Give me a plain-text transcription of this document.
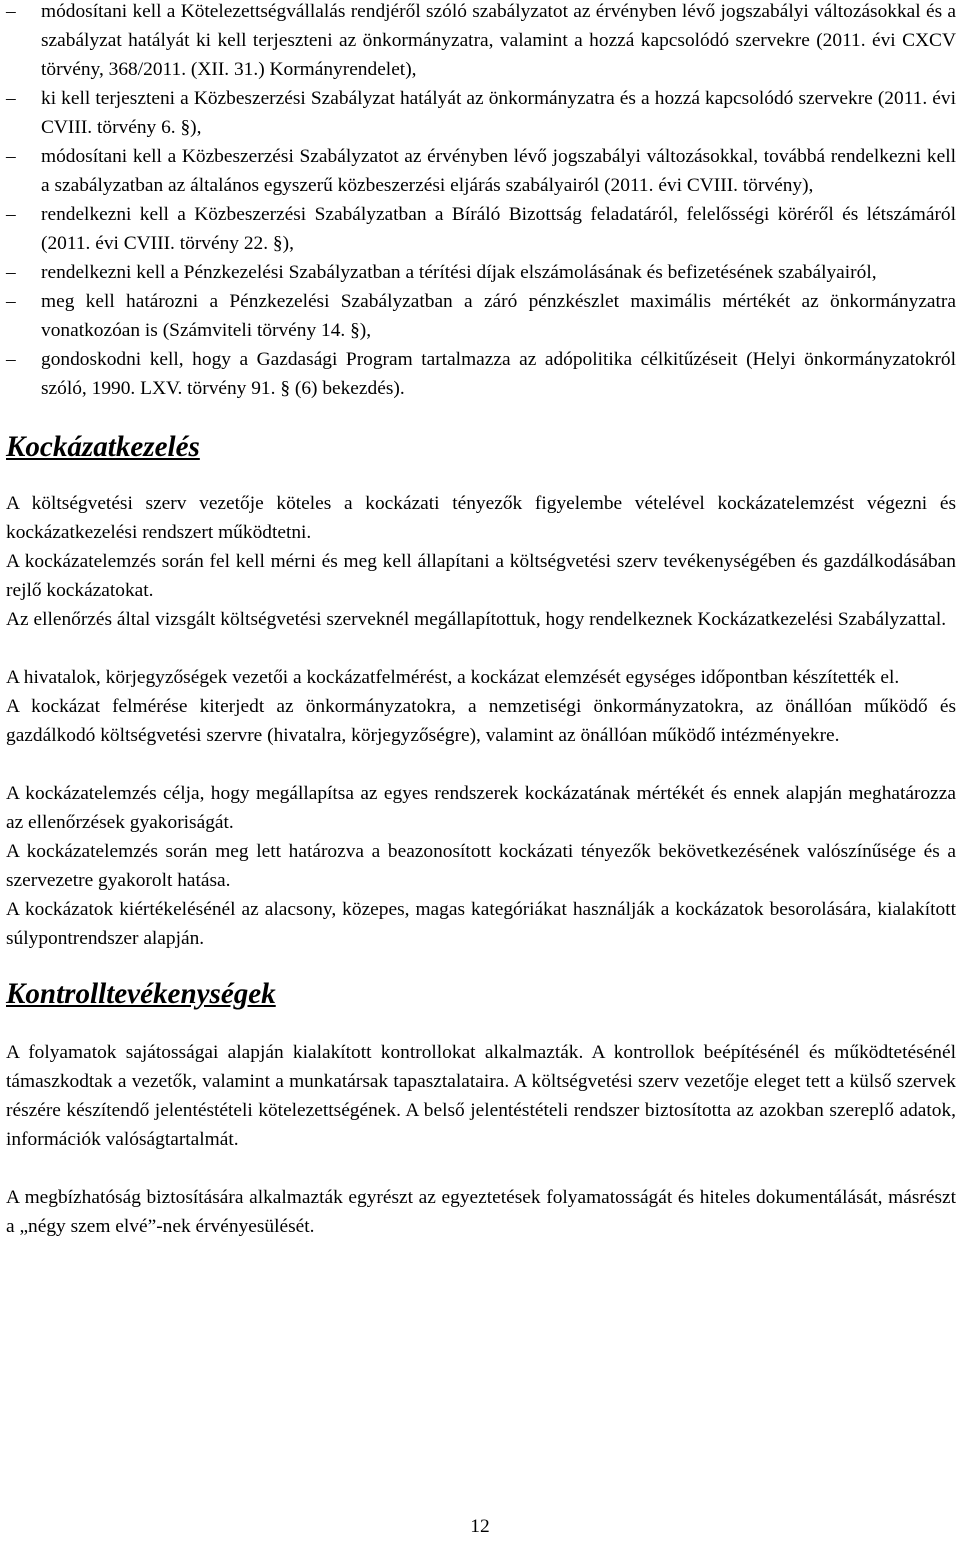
– módosítani kell a Kötelezettségvállalás rendjéről szóló szabályzatot az érvényben lévő jogszabályi változásokkal és a szabályzat hatályát ki kell terjeszteni az önkormányzatra, valamint a hozzá kapcsolódó szervekre (2011. évi CXCV törvény, 368/2011. (XII. 31.) Kormányrendelet),
– ki kell terjeszteni a Közbeszerzési Szabályzat hatályát az önkormányzatra és a hozzá kapcsolódó szervekre (2011. évi CVIII. törvény 6. §),
– módosítani kell a Közbeszerzési Szabályzatot az érvényben lévő jogszabályi változásokkal, továbbá rendelkezni kell a szabályzatban az általános egyszerű közbeszerzési eljárás szabályairól (2011. évi CVIII. törvény),
– rendelkezni kell a Közbeszerzési Szabályzatban a Bíráló Bizottság feladatáról, felelősségi köréről és létszámáról (2011. évi CVIII. törvény 22. §),
– rendelkezni kell a Pénzkezelési Szabályzatban a térítési díjak elszámolásának és befizetésének szabályairól,
– meg kell határozni a Pénzkezelési Szabályzatban a záró pénzkészlet maximális mértékét az önkormányzatra vonatkozóan is (Számviteli törvény 14. §),
– gondoskodni kell, hogy a Gazdasági Program tartalmazza az adópolitika célkitűzéseit (Helyi önkormányzatokról szóló, 1990. LXV. törvény 91. § (6) bekezdés).
Kockázatkezelés

A költségvetési szerv vezetője köteles a kockázati tényezők figyelembe vételével kockázatelemzést végezni és kockázatkezelési rendszert működtetni.

A kockázatelemzés során fel kell mérni és meg kell állapítani a költségvetési szerv tevékenységében és gazdálkodásában rejlő kockázatokat.

Az ellenőrzés által vizsgált költségvetési szerveknél megállapítottuk, hogy rendelkeznek Kockázatkezelési Szabályzattal.

A hivatalok, körjegyzőségek vezetői a kockázatfelmérést, a kockázat elemzését egységes időpontban készítették el.

A kockázat felmérése kiterjedt az önkormányzatokra, a nemzetiségi önkormányzatokra, az önállóan működő és gazdálkodó költségvetési szervre (hivatalra, körjegyzőségre), valamint az önállóan működő intézményekre.

A kockázatelemzés célja, hogy megállapítsa az egyes rendszerek kockázatának mértékét és ennek alapján meghatározza az ellenőrzések gyakoriságát.

A kockázatelemzés során meg lett határozva a beazonosított kockázati tényezők bekövetkezésének valószínűsége és a szervezetre gyakorolt hatása.

A kockázatok kiértékelésénél az alacsony, közepes, magas kategóriákat használják a kockázatok besorolására, kialakított súlypontrendszer alapján.

Kontrolltevékenységek

A folyamatok sajátosságai alapján kialakított kontrollokat alkalmazták. A kontrollok beépítésénél és működtetésénél támaszkodtak a vezetők, valamint a munkatársak tapasztalataira. A költségvetési szerv vezetője eleget tett a külső szervek részére készítendő jelentéstételi kötelezettségének. A belső jelentéstételi rendszer biztosította az azokban szereplő adatok, információk valóságtartalmát.

A megbízhatóság biztosítására alkalmazták egyrészt az egyeztetések folyamatosságát és hiteles dokumentálását, másrészt a „négy szem elvé”-nek érvényesülését.

12
